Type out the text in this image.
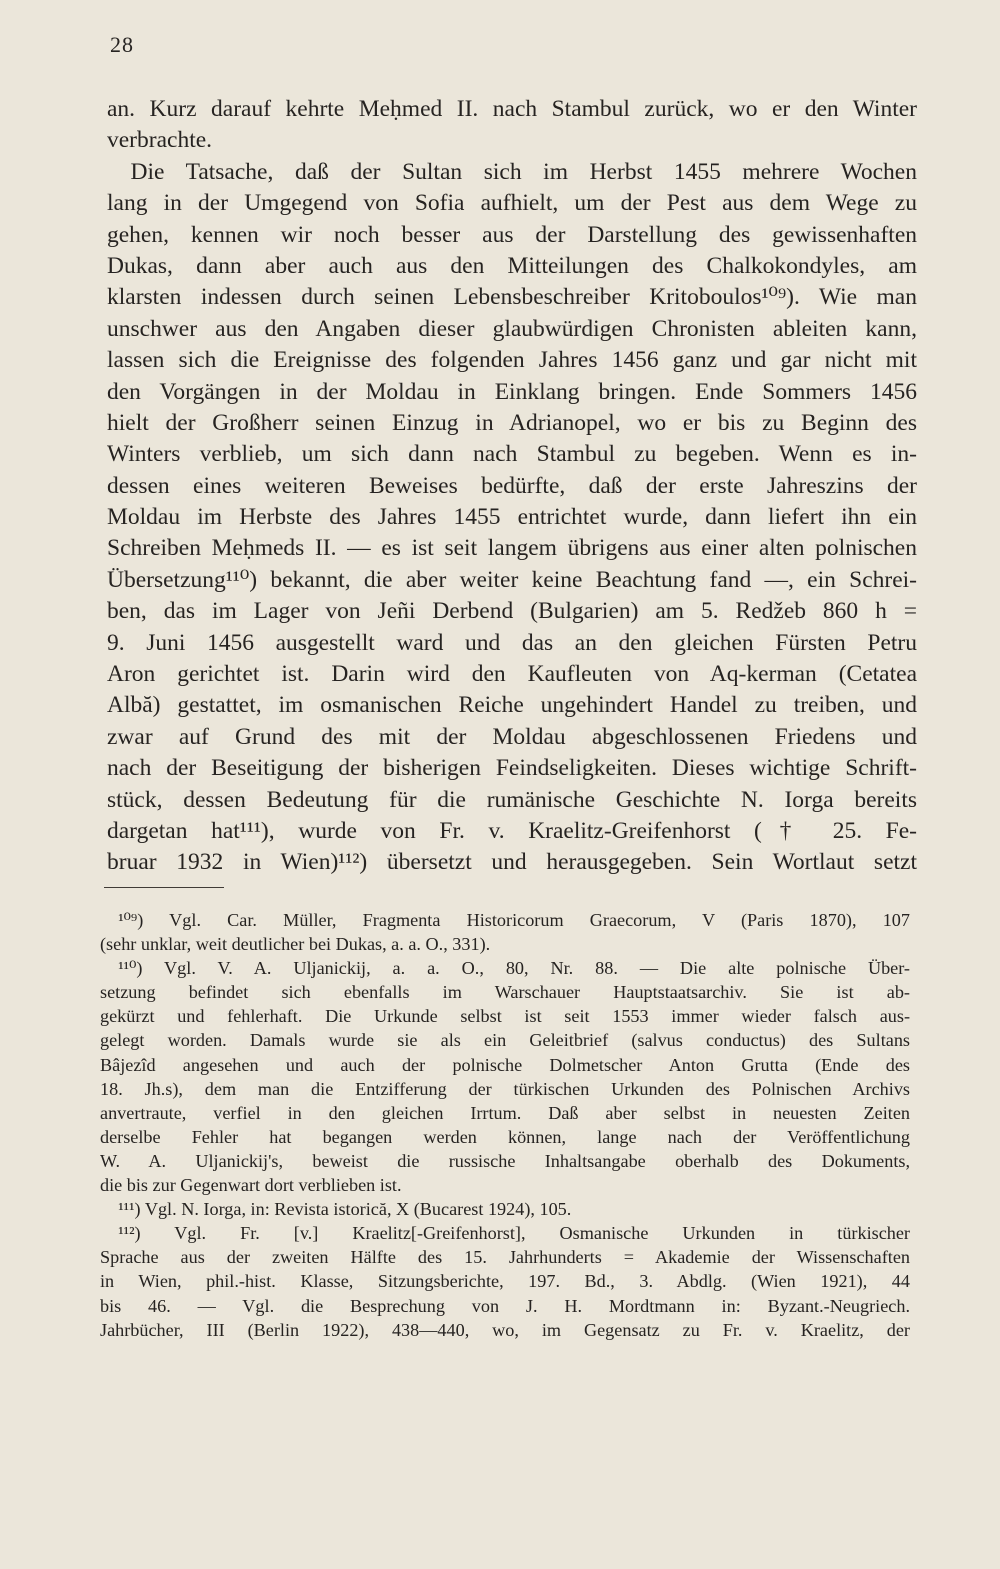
28
an. Kurz darauf kehrte Meḥmed II. nach Stambul zurück, wo er den Winter
verbrachte.
 Die Tatsache, daß der Sultan sich im Herbst 1455 mehrere Wochen
lang in der Umgegend von Sofia aufhielt, um der Pest aus dem Wege zu
gehen, kennen wir noch besser aus der Darstellung des gewissenhaften
Dukas, dann aber auch aus den Mitteilungen des Chalkokondyles, am
klarsten indessen durch seinen Lebensbeschreiber Kritoboulos¹⁰⁹). Wie man
unschwer aus den Angaben dieser glaubwürdigen Chronisten ableiten kann,
lassen sich die Ereignisse des folgenden Jahres 1456 ganz und gar nicht mit
den Vorgängen in der Moldau in Einklang bringen. Ende Sommers 1456
hielt der Großherr seinen Einzug in Adrianopel, wo er bis zu Beginn des
Winters verblieb, um sich dann nach Stambul zu begeben. Wenn es in-
dessen eines weiteren Beweises bedürfte, daß der erste Jahreszins der
Moldau im Herbste des Jahres 1455 entrichtet wurde, dann liefert ihn ein
Schreiben Meḥmeds II. — es ist seit langem übrigens aus einer alten polnischen
Übersetzung¹¹⁰) bekannt, die aber weiter keine Beachtung fand —, ein Schrei-
ben, das im Lager von Jeñi Derbend (Bulgarien) am 5. Redžeb 860 h =
9. Juni 1456 ausgestellt ward und das an den gleichen Fürsten Petru
Aron gerichtet ist. Darin wird den Kaufleuten von Aq-kerman (Cetatea
Albă) gestattet, im osmanischen Reiche ungehindert Handel zu treiben, und
zwar auf Grund des mit der Moldau abgeschlossenen Friedens und
nach der Beseitigung der bisherigen Feindseligkeiten. Dieses wichtige Schrift-
stück, dessen Bedeutung für die rumänische Geschichte N. Iorga bereits
dargetan hat¹¹¹), wurde von Fr. v. Kraelitz-Greifenhorst († 25. Fe-
bruar 1932 in Wien)¹¹²) übersetzt und herausgegeben. Sein Wortlaut setzt
 ¹⁰⁹) Vgl. Car. Müller, Fragmenta Historicorum Graecorum, V (Paris 1870), 107
(sehr unklar, weit deutlicher bei Dukas, a. a. O., 331).
 ¹¹⁰) Vgl. V. A. Uljanickij, a. a. O., 80, Nr. 88. — Die alte polnische Über-
setzung befindet sich ebenfalls im Warschauer Hauptstaatsarchiv. Sie ist ab-
gekürzt und fehlerhaft. Die Urkunde selbst ist seit 1553 immer wieder falsch aus-
gelegt worden. Damals wurde sie als ein Geleitbrief (salvus conductus) des Sultans
Bâjezîd angesehen und auch der polnische Dolmetscher Anton Grutta (Ende des
18. Jh.s), dem man die Entzifferung der türkischen Urkunden des Polnischen Archivs
anvertraute, verfiel in den gleichen Irrtum. Daß aber selbst in neuesten Zeiten
derselbe Fehler hat begangen werden können, lange nach der Veröffentlichung
W. A. Uljanickij's, beweist die russische Inhaltsangabe oberhalb des Dokuments,
die bis zur Gegenwart dort verblieben ist.
 ¹¹¹) Vgl. N. Iorga, in: Revista istorică, X (Bucarest 1924), 105.
 ¹¹²) Vgl. Fr. [v.] Kraelitz[-Greifenhorst], Osmanische Urkunden in türkischer
Sprache aus der zweiten Hälfte des 15. Jahrhunderts = Akademie der Wissenschaften
in Wien, phil.-hist. Klasse, Sitzungsberichte, 197. Bd., 3. Abdlg. (Wien 1921), 44
bis 46. — Vgl. die Besprechung von J. H. Mordtmann in: Byzant.-Neugriech.
Jahrbücher, III (Berlin 1922), 438—440, wo, im Gegensatz zu Fr. v. Kraelitz, der
